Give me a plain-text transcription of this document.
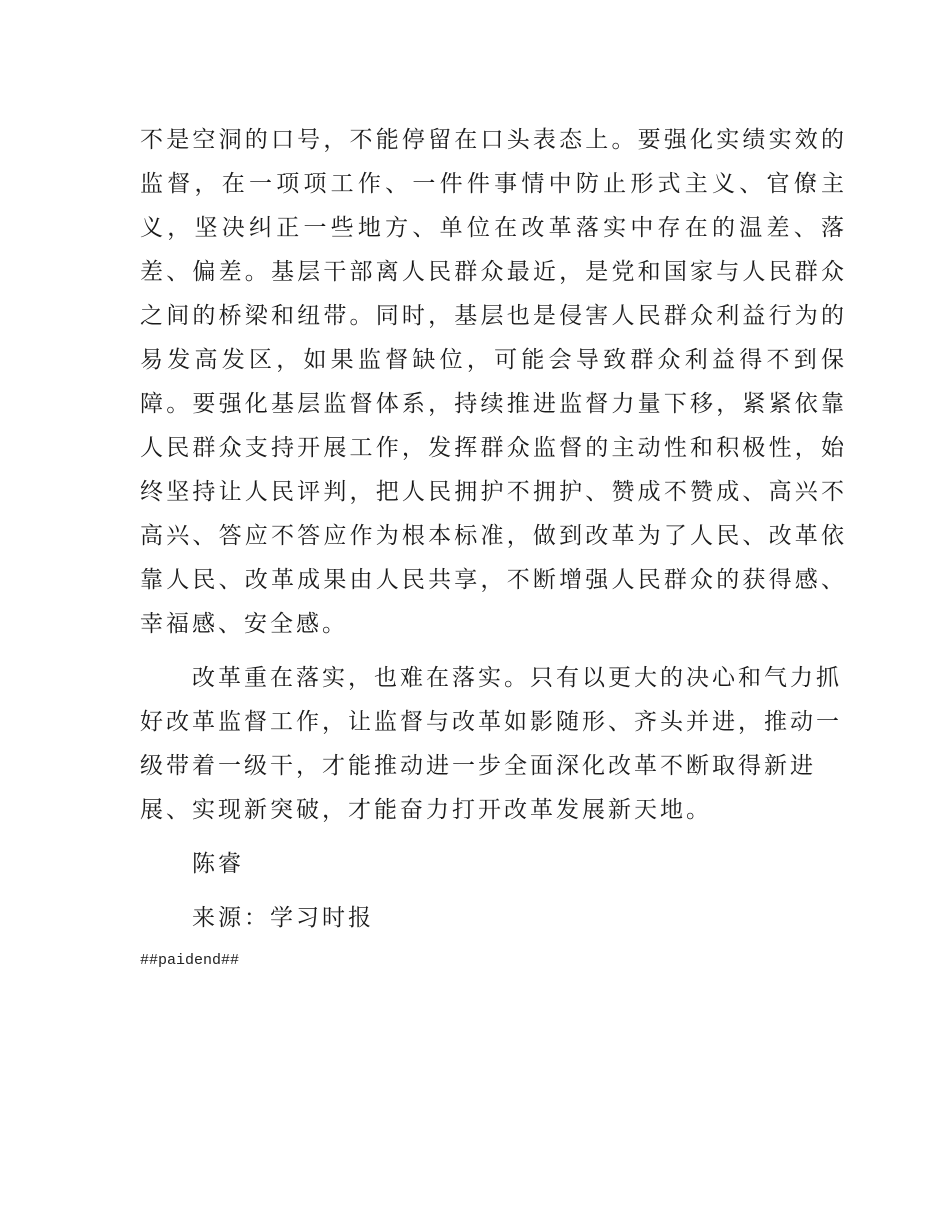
不是空洞的口号，不能停留在口头表态上。要强化实绩实效的监督，在一项项工作、一件件事情中防止形式主义、官僚主义，坚决纠正一些地方、单位在改革落实中存在的温差、落差、偏差。基层干部离人民群众最近，是党和国家与人民群众之间的桥梁和纽带。同时，基层也是侵害人民群众利益行为的易发高发区，如果监督缺位，可能会导致群众利益得不到保障。要强化基层监督体系，持续推进监督力量下移，紧紧依靠人民群众支持开展工作，发挥群众监督的主动性和积极性，始终坚持让人民评判，把人民拥护不拥护、赞成不赞成、高兴不高兴、答应不答应作为根本标准，做到改革为了人民、改革依靠人民、改革成果由人民共享，不断增强人民群众的获得感、幸福感、安全感。

改革重在落实，也难在落实。只有以更大的决心和气力抓好改革监督工作，让监督与改革如影随形、齐头并进，推动一级带着一级干，才能推动进一步全面深化改革不断取得新进展、实现新突破，才能奋力打开改革发展新天地。

陈睿

来源：学习时报

##paidend##
